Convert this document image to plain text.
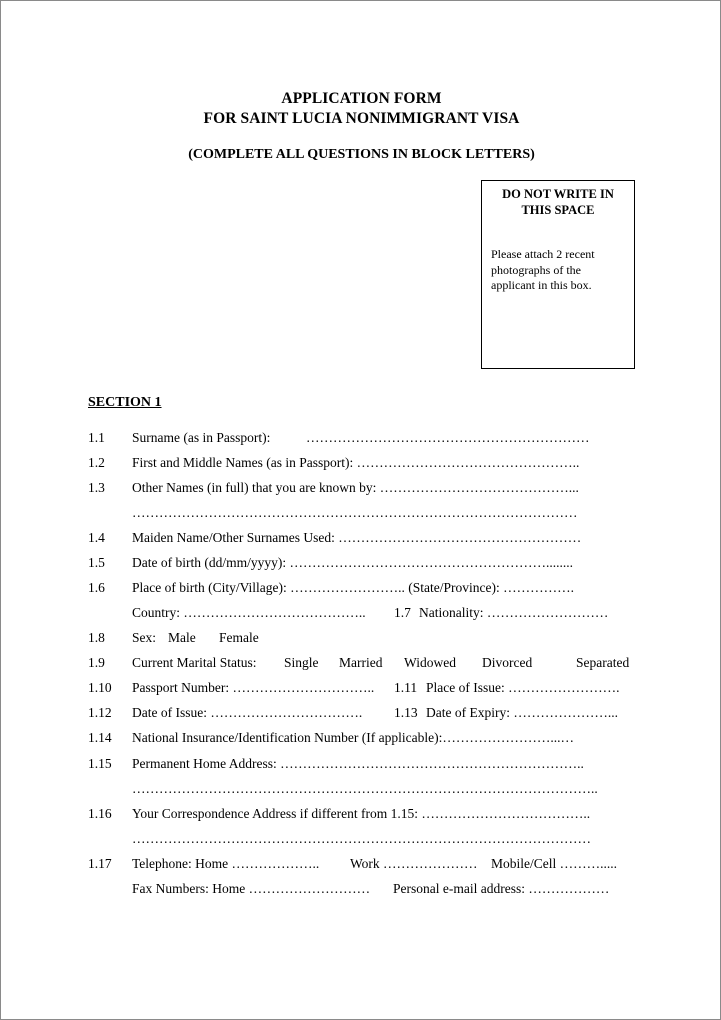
APPLICATION FORM
FOR SAINT LUCIA NONIMMIGRANT VISA
(COMPLETE ALL QUESTIONS IN BLOCK LETTERS)
DO NOT WRITE IN
THIS SPACE
Please attach 2 recent
photographs of the
applicant in this box.
SECTION 1
1.1 Surname (as in Passport):	………………………………………………………
1.2 First and Middle Names (as in Passport): …………………………………………..
1.3 Other Names (in full) that you are known by: ……………………………………...
………………………………………………………………………………………
1.4 Maiden Name/Other Surnames Used: ………………………………………………
1.5 Date of birth (dd/mm/yyyy): …………………………………………………........
1.6 Place of birth (City/Village): …………………….. (State/Province): …………….
Country: ………………………………….. 1.7 Nationality: ………………………
1.8 Sex: Male Female
1.9 Current Marital Status: Single Married Widowed Divorced	Separated
1.10 Passport Number: ………………………….. 1.11 Place of Issue: …………………….
1.12 Date of Issue: ……………………………. 1.13 Date of Expiry: …………………...
1.14 National Insurance/Identification Number (If applicable):……………………...…
1.15 Permanent Home Address: …………………………………………………………..
…………………………………………………………………………………………..
1.16 Your Correspondence Address if different from 1.15: ………………………………..
…………………………………………………………………………………………
1.17 Telephone: Home ……………….. Work ………………… Mobile/Cell ……….....
Fax Numbers: Home ……………………… Personal e-mail address: ………………
